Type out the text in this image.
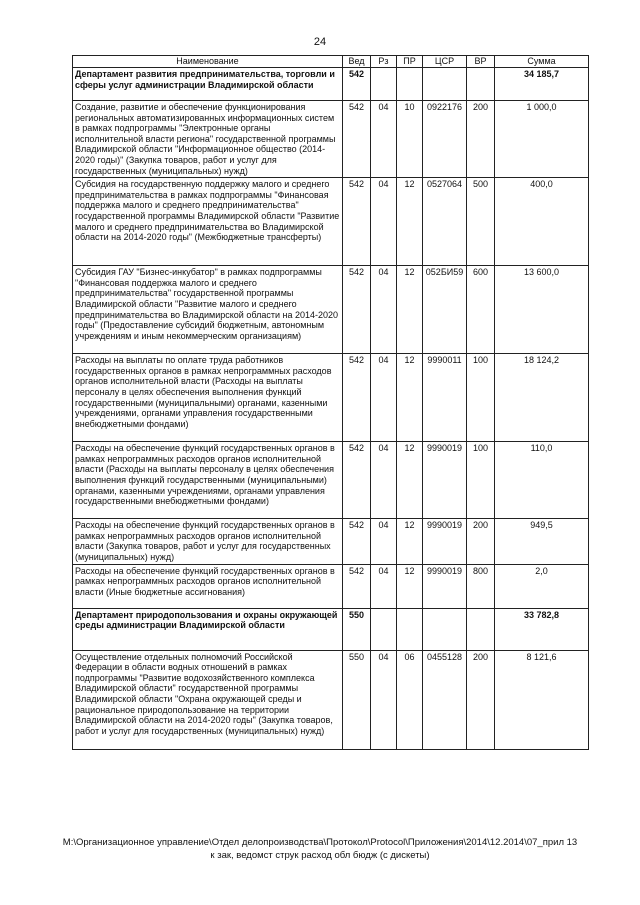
24
Наименование	Вед	Рз	ПР	ЦСР	ВР	Сумма
Департамент развития предпринимательства, торговли и сферы услуг администрации Владимирской области	542					34 185,7
Создание, развитие и обеспечение функционирования региональных автоматизированных информационных систем в рамках подпрограммы "Электронные органы исполнительной власти региона" государственной программы Владимирской области "Информационное общество (2014-2020 годы)" (Закупка товаров, работ и услуг для государственных (муниципальных) нужд)	542	04	10	0922176	200	1 000,0
Субсидия на государственную поддержку малого и среднего предпринимательства в рамках подпрограммы "Финансовая поддержка малого и среднего предпринимательства" государственной программы Владимирской области "Развитие малого и среднего предпринимательства во Владимирской области на 2014-2020 годы" (Межбюджетные трансферты)	542	04	12	0527064	500	400,0
Субсидия ГАУ "Бизнес-инкубатор" в рамках подпрограммы "Финансовая поддержка малого и среднего предпринимательства" государственной программы Владимирской области "Развитие малого и среднего предпринимательства во Владимирской области на 2014-2020 годы" (Предоставление субсидий бюджетным, автономным учреждениям и иным некоммерческим организациям)	542	04	12	052БИ59	600	13 600,0
Расходы на выплаты по оплате труда работников государственных органов в рамках непрограммных расходов органов исполнительной власти (Расходы на выплаты персоналу в целях обеспечения выполнения функций государственными (муниципальными) органами, казенными учреждениями, органами управления государственными внебюджетными фондами)	542	04	12	9990011	100	18 124,2
Расходы на обеспечение функций государственных органов в рамках непрограммных расходов органов исполнительной власти (Расходы на выплаты персоналу в целях обеспечения выполнения функций государственными (муниципальными) органами, казенными учреждениями, органами управления государственными внебюджетными фондами)	542	04	12	9990019	100	110,0
Расходы на обеспечение функций государственных органов в рамках непрограммных расходов органов исполнительной власти (Закупка товаров, работ и услуг для государственных (муниципальных) нужд)	542	04	12	9990019	200	949,5
Расходы на обеспечение функций государственных органов в рамках непрограммных расходов органов исполнительной власти (Иные бюджетные ассигнования)	542	04	12	9990019	800	2,0
Департамент природопользования и охраны окружающей среды администрации Владимирской области	550					33 782,8
Осуществление отдельных полномочий Российской Федерации в области водных отношений в рамках подпрограммы "Развитие водохозяйственного комплекса Владимирской области" государственной программы Владимирской области "Охрана окружающей среды и рациональное природопользование на территории Владимирской области на 2014-2020 годы" (Закупка товаров, работ и услуг для государственных (муниципальных) нужд)	550	04	06	0455128	200	8 121,6
M:\Организационное управление\Отдел делопроизводства\Протокол\Protocol\Приложения\2014\12.2014\07_прил 13
к зак, ведомст струк расход обл бюдж (с дискеты)
